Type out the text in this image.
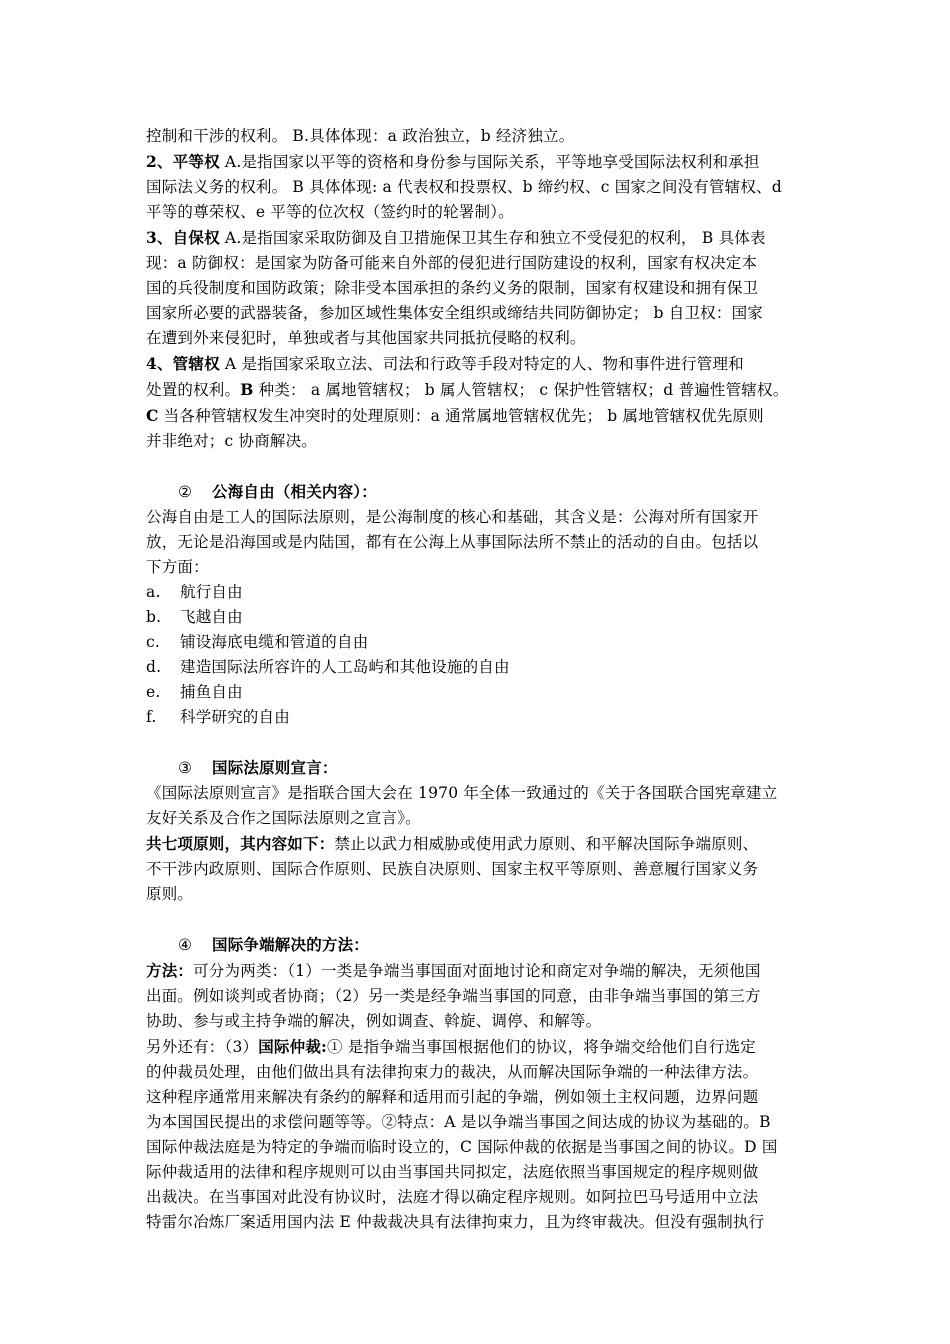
控制和干涉的权利。 B.具体体现：a 政治独立，b 经济独立。
2、平等权 A.是指国家以平等的资格和身份参与国际关系，平等地享受国际法权利和承担
国际法义务的权利。 B 具体体现: a 代表权和投票权、b 缔约权、c 国家之间没有管辖权、d
平等的尊荣权、e 平等的位次权（签约时的轮署制）。
3、自保权 A.是指国家采取防御及自卫措施保卫其生存和独立不受侵犯的权利， B 具体表
现：a 防御权：是国家为防备可能来自外部的侵犯进行国防建设的权利，国家有权决定本
国的兵役制度和国防政策；除非受本国承担的条约义务的限制，国家有权建设和拥有保卫
国家所必要的武器装备，参加区域性集体安全组织或缔结共同防御协定； b 自卫权：国家
在遭到外来侵犯时，单独或者与其他国家共同抵抗侵略的权利。
4、管辖权 A 是指国家采取立法、司法和行政等手段对特定的人、物和事件进行管理和
处置的权利。B 种类： a 属地管辖权； b 属人管辖权； c 保护性管辖权；d 普遍性管辖权。
C 当各种管辖权发生冲突时的处理原则：a 通常属地管辖权优先； b 属地管辖权优先原则
并非绝对；c 协商解决。
② 公海自由（相关内容）：
公海自由是工人的国际法原则，是公海制度的核心和基础，其含义是：公海对所有国家开
放，无论是沿海国或是内陆国，都有在公海上从事国际法所不禁止的活动的自由。包括以
下方面：
a. 航行自由
b. 飞越自由
c. 铺设海底电缆和管道的自由
d. 建造国际法所容许的人工岛屿和其他设施的自由
e. 捕鱼自由
f. 科学研究的自由
③ 国际法原则宣言：
《国际法原则宣言》是指联合国大会在 1970 年全体一致通过的《关于各国联合国宪章建立
友好关系及合作之国际法原则之宣言》。
共七项原则，其内容如下：禁止以武力相威胁或使用武力原则、和平解决国际争端原则、
不干涉内政原则、国际合作原则、民族自决原则、国家主权平等原则、善意履行国家义务
原则。
④ 国际争端解决的方法：
方法：可分为两类：（1）一类是争端当事国面对面地讨论和商定对争端的解决，无须他国
出面。例如谈判或者协商；（2）另一类是经争端当事国的同意，由非争端当事国的第三方
协助、参与或主持争端的解决，例如调查、斡旋、调停、和解等。
另外还有：（3）国际仲裁:① 是指争端当事国根据他们的协议，将争端交给他们自行选定
的仲裁员处理，由他们做出具有法律拘束力的裁决，从而解决国际争端的一种法律方法。
这种程序通常用来解决有条约的解释和适用而引起的争端，例如领土主权问题，边界问题
为本国国民提出的求偿问题等等。②特点：A 是以争端当事国之间达成的协议为基础的。B
国际仲裁法庭是为特定的争端而临时设立的，C 国际仲裁的依据是当事国之间的协议。D 国
际仲裁适用的法律和程序规则可以由当事国共同拟定，法庭依照当事国规定的程序规则做
出裁决。在当事国对此没有协议时，法庭才得以确定程序规则。如阿拉巴马号适用中立法
特雷尔冶炼厂案适用国内法 E 仲裁裁决具有法律拘束力，且为终审裁决。但没有强制执行
